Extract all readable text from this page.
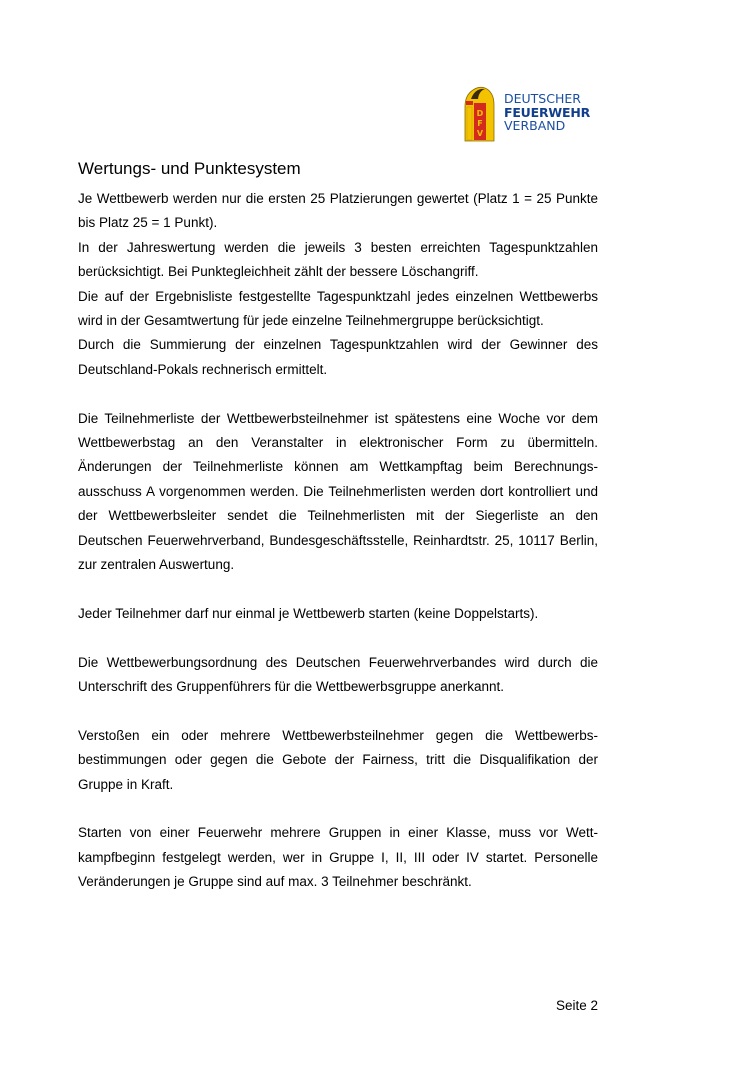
D
F
V
DEUTSCHER
FEUERWEHR
VERBAND
Wertungs- und Punktesystem

Je Wettbewerb werden nur die ersten 25 Platzierungen gewertet (Platz 1 = 25 Punkte bis Platz 25 = 1 Punkt).

In der Jahreswertung werden die jeweils 3 besten erreichten Tagespunktzahlen berücksichtigt. Bei Punktegleichheit zählt der bessere Löschangriff.

Die auf der Ergebnisliste festgestellte Tagespunktzahl jedes einzelnen Wettbewerbs wird in der Gesamtwertung für jede einzelne Teilnehmergruppe berücksichtigt.

Durch die Summierung der einzelnen Tagespunktzahlen wird der Gewinner des Deutschland-Pokals rechnerisch ermittelt.

Die Teilnehmerliste der Wettbewerbsteilnehmer ist spätestens eine Woche vor dem Wettbewerbstag an den Veranstalter in elektronischer Form zu übermitteln. Änderungen der Teilnehmerliste können am Wettkampftag beim Berechnungs-ausschuss A vorgenommen werden. Die Teilnehmerlisten werden dort kontrolliert und der Wettbewerbsleiter sendet die Teilnehmerlisten mit der Siegerliste an den Deutschen Feuerwehrverband, Bundesgeschäftsstelle, Reinhardtstr. 25, 10117 Berlin, zur zentralen Auswertung.

Jeder Teilnehmer darf nur einmal je Wettbewerb starten (keine Doppelstarts).

Die Wettbewerbungsordnung des Deutschen Feuerwehrverbandes wird durch die Unterschrift des Gruppenführers für die Wettbewerbsgruppe anerkannt.

Verstoßen ein oder mehrere Wettbewerbsteilnehmer gegen die Wettbewerbs-bestimmungen oder gegen die Gebote der Fairness, tritt die Disqualifikation der Gruppe in Kraft.

Starten von einer Feuerwehr mehrere Gruppen in einer Klasse, muss vor Wett-kampfbeginn festgelegt werden, wer in Gruppe I, II, III oder IV startet. Personelle Veränderungen je Gruppe sind auf max. 3 Teilnehmer beschränkt.

Seite 2
